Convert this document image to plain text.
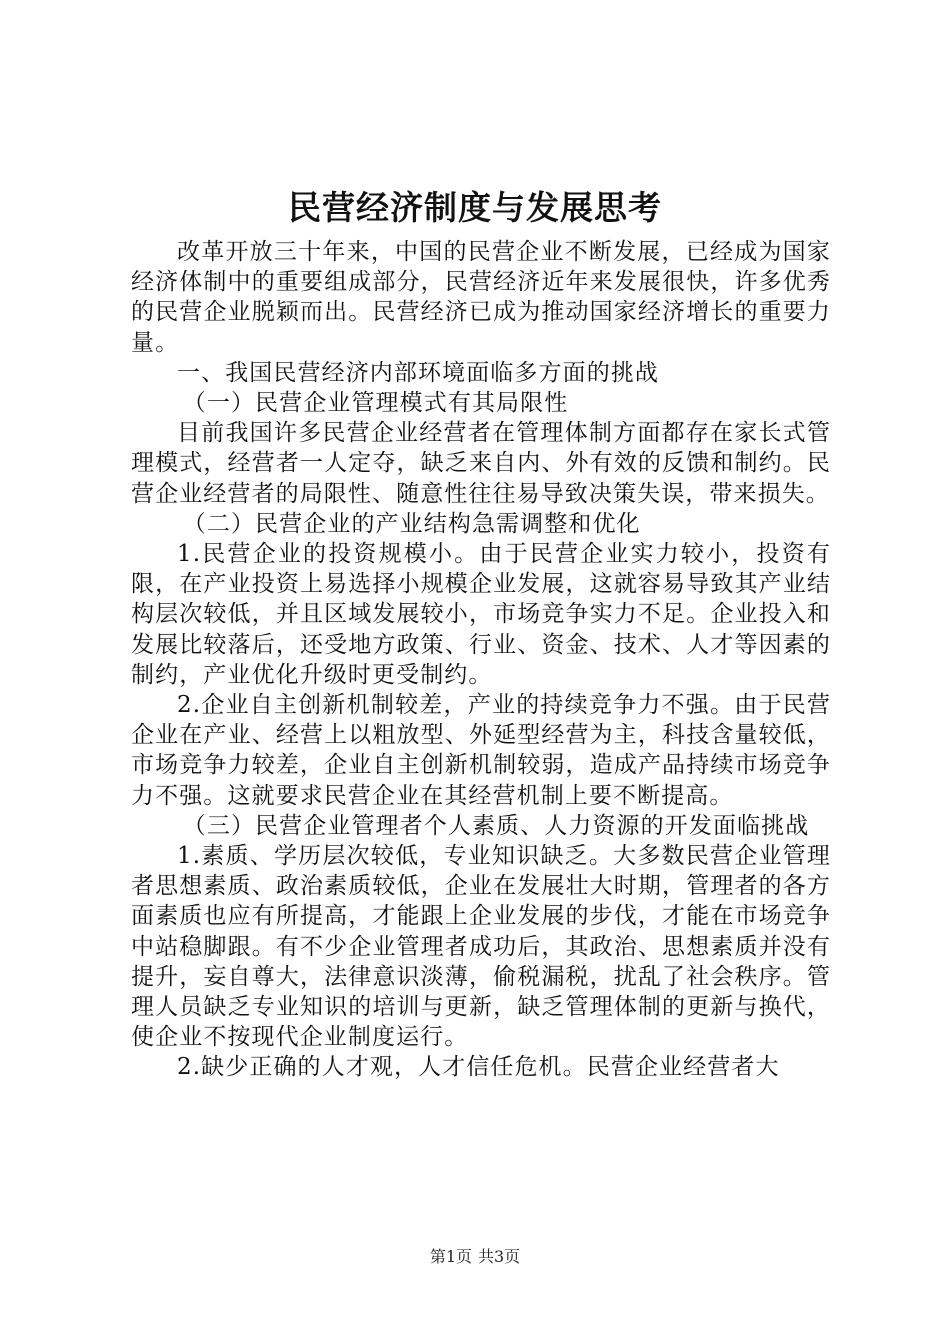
民营经济制度与发展思考

改革开放三十年来，中国的民营企业不断发展，已经成为国家经济体制中的重要组成部分，民营经济近年来发展很快，许多优秀的民营企业脱颖而出。民营经济已成为推动国家经济增长的重要力量。

一、我国民营经济内部环境面临多方面的挑战

（一）民营企业管理模式有其局限性

目前我国许多民营企业经营者在管理体制方面都存在家长式管理模式，经营者一人定夺，缺乏来自内、外有效的反馈和制约。民营企业经营者的局限性、随意性往往易导致决策失误，带来损失。

（二）民营企业的产业结构急需调整和优化

1.民营企业的投资规模小。由于民营企业实力较小，投资有限，在产业投资上易选择小规模企业发展，这就容易导致其产业结构层次较低，并且区域发展较小，市场竞争实力不足。企业投入和发展比较落后，还受地方政策、行业、资金、技术、人才等因素的制约，产业优化升级时更受制约。

2.企业自主创新机制较差，产业的持续竞争力不强。由于民营企业在产业、经营上以粗放型、外延型经营为主，科技含量较低，市场竞争力较差，企业自主创新机制较弱，造成产品持续市场竞争力不强。这就要求民营企业在其经营机制上要不断提高。

（三）民营企业管理者个人素质、人力资源的开发面临挑战

1.素质、学历层次较低，专业知识缺乏。大多数民营企业管理者思想素质、政治素质较低，企业在发展壮大时期，管理者的各方面素质也应有所提高，才能跟上企业发展的步伐，才能在市场竞争中站稳脚跟。有不少企业管理者成功后，其政治、思想素质并没有提升，妄自尊大，法律意识淡薄，偷税漏税，扰乱了社会秩序。管理人员缺乏专业知识的培训与更新，缺乏管理体制的更新与换代，使企业不按现代企业制度运行。

2.缺少正确的人才观，人才信任危机。民营企业经营者大

第1页 共3页
